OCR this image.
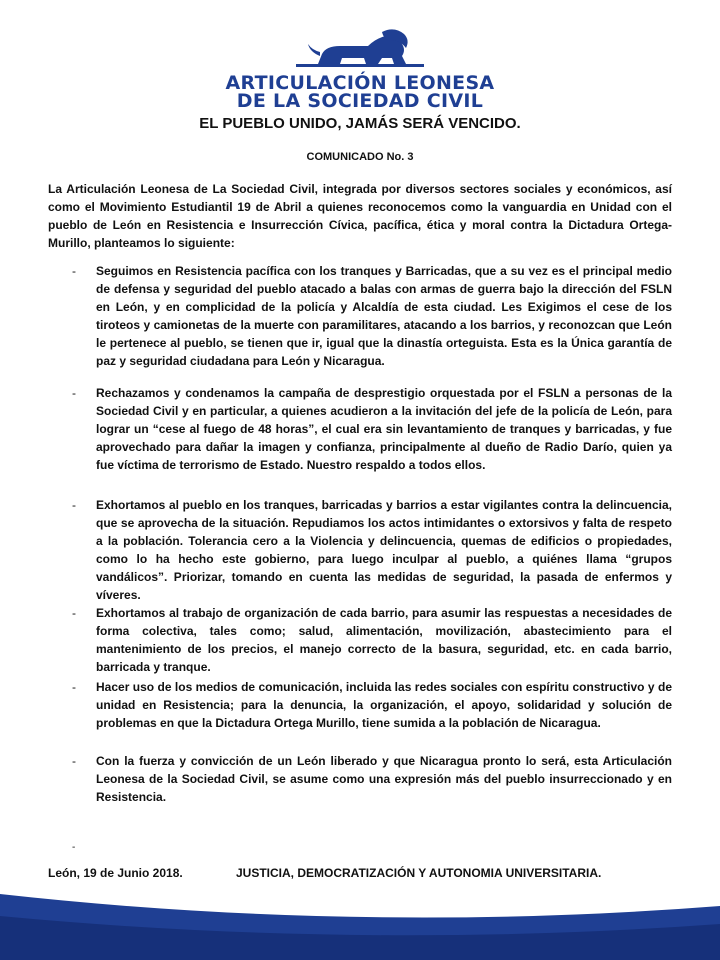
ARTICULACIÓN LEONESA
DE LA SOCIEDAD CIVIL
EL PUEBLO UNIDO, JAMÁS SERÁ VENCIDO.
COMUNICADO No. 3
La Articulación Leonesa de La Sociedad Civil, integrada por diversos sectores sociales y económicos, así como el Movimiento Estudiantil 19 de Abril a quienes reconocemos como la vanguardia en Unidad con el pueblo de León en Resistencia e Insurrección Cívica, pacífica, ética y moral contra la Dictadura Ortega-Murillo, planteamos lo siguiente:
- Seguimos en Resistencia pacífica con los tranques y Barricadas, que a su vez es el principal medio de defensa y seguridad del pueblo atacado a balas con armas de guerra bajo la dirección del FSLN en León, y en complicidad de la policía y Alcaldía de esta ciudad. Les Exigimos el cese de los tiroteos y camionetas de la muerte con paramilitares, atacando a los barrios, y reconozcan que León le pertenece al pueblo, se tienen que ir, igual que la dinastía orteguista. Esta es la Única garantía de paz y seguridad ciudadana para León y Nicaragua.
- Rechazamos y condenamos la campaña de desprestigio orquestada por el FSLN a personas de la Sociedad Civil y en particular, a quienes acudieron a la invitación del jefe de la policía de León, para lograr un “cese al fuego de 48 horas”, el cual era sin levantamiento de tranques y barricadas, y fue aprovechado para dañar la imagen y confianza, principalmente al dueño de Radio Darío, quien ya fue víctima de terrorismo de Estado. Nuestro respaldo a todos ellos.
- Exhortamos al pueblo en los tranques, barricadas y barrios a estar vigilantes contra la delincuencia, que se aprovecha de la situación. Repudiamos los actos intimidantes o extorsivos y falta de respeto a la población. Tolerancia cero a la Violencia y delincuencia, quemas de edificios o propiedades, como lo ha hecho este gobierno, para luego inculpar al pueblo, a quiénes llama “grupos vandálicos”. Priorizar, tomando en cuenta las medidas de seguridad, la pasada de enfermos y víveres.
- Exhortamos al trabajo de organización de cada barrio, para asumir las respuestas a necesidades de forma colectiva, tales como; salud, alimentación, movilización, abastecimiento para el mantenimiento de los precios, el manejo correcto de la basura, seguridad, etc. en cada barrio, barricada y tranque.
- Hacer uso de los medios de comunicación, incluida las redes sociales con espíritu constructivo y de unidad en Resistencia; para la denuncia, la organización, el apoyo, solidaridad y solución de problemas en que la Dictadura Ortega Murillo, tiene sumida a la población de Nicaragua.
- Con la fuerza y convicción de un León liberado y que Nicaragua pronto lo será, esta Articulación Leonesa de la Sociedad Civil, se asume como una expresión más del pueblo insurreccionado y en Resistencia.
-
León, 19 de Junio 2018.	JUSTICIA, DEMOCRATIZACIÓN Y AUTONOMIA UNIVERSITARIA.
